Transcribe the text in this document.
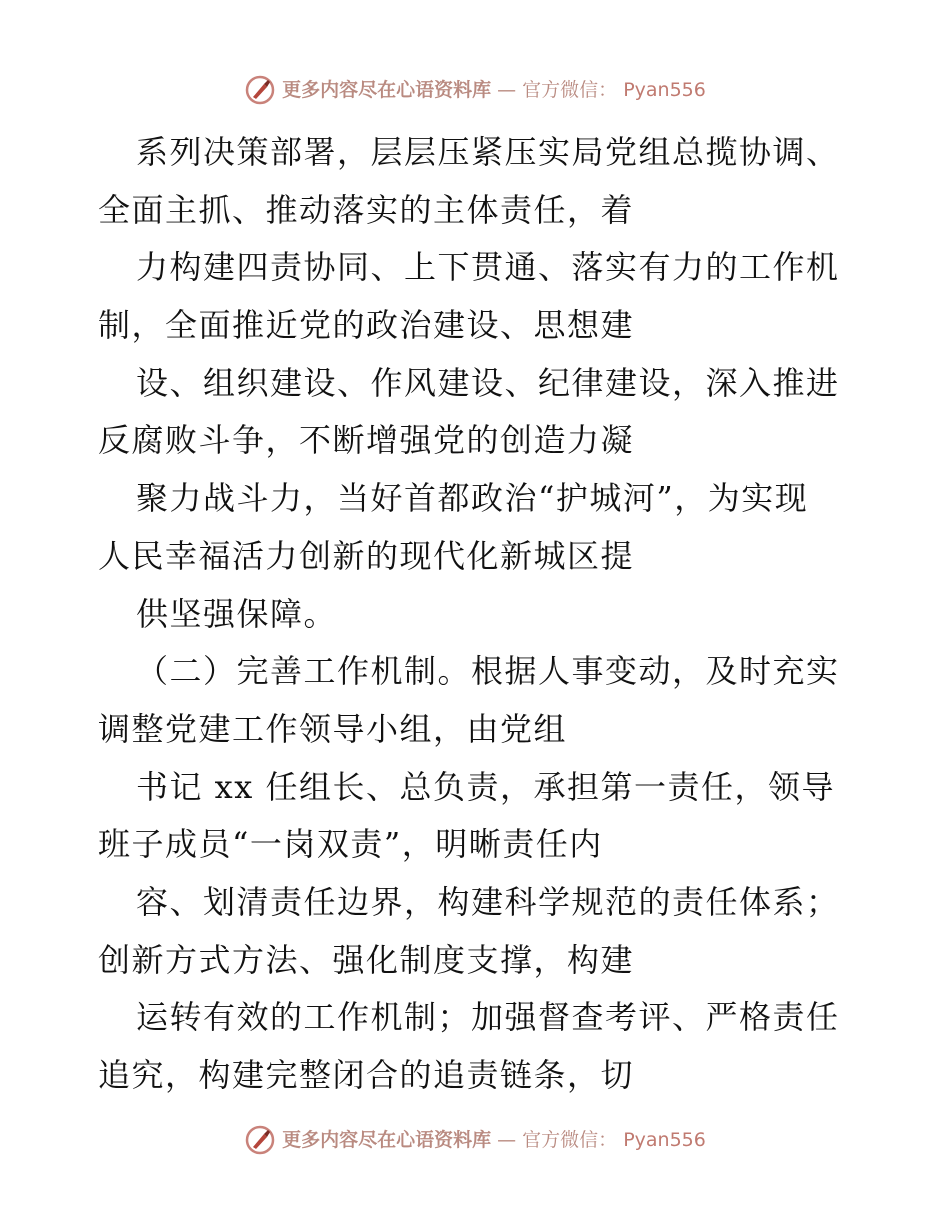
更多内容尽在心语资料库 — 官方微信： Pyan556
系列决策部署，层层压紧压实局党组总揽协调、
全面主抓、推动落实的主体责任，着
力构建四责协同、上下贯通、落实有力的工作机
制，全面推近党的政治建设、思想建
设、组织建设、作风建设、纪律建设，深入推进
反腐败斗争，不断增强党的创造力凝
聚力战斗力，当好首都政治“护城河”，为实现
人民幸福活力创新的现代化新城区提
供坚强保障。
（二）完善工作机制。根据人事变动，及时充实
调整党建工作领导小组，由党组
书记 xx 任组长、总负责，承担第一责任，领导
班子成员“一岗双责”，明晰责任内
容、划清责任边界，构建科学规范的责任体系；
创新方式方法、强化制度支撑，构建
运转有效的工作机制；加强督查考评、严格责任
追究，构建完整闭合的追责链条，切
更多内容尽在心语资料库 — 官方微信： Pyan556
